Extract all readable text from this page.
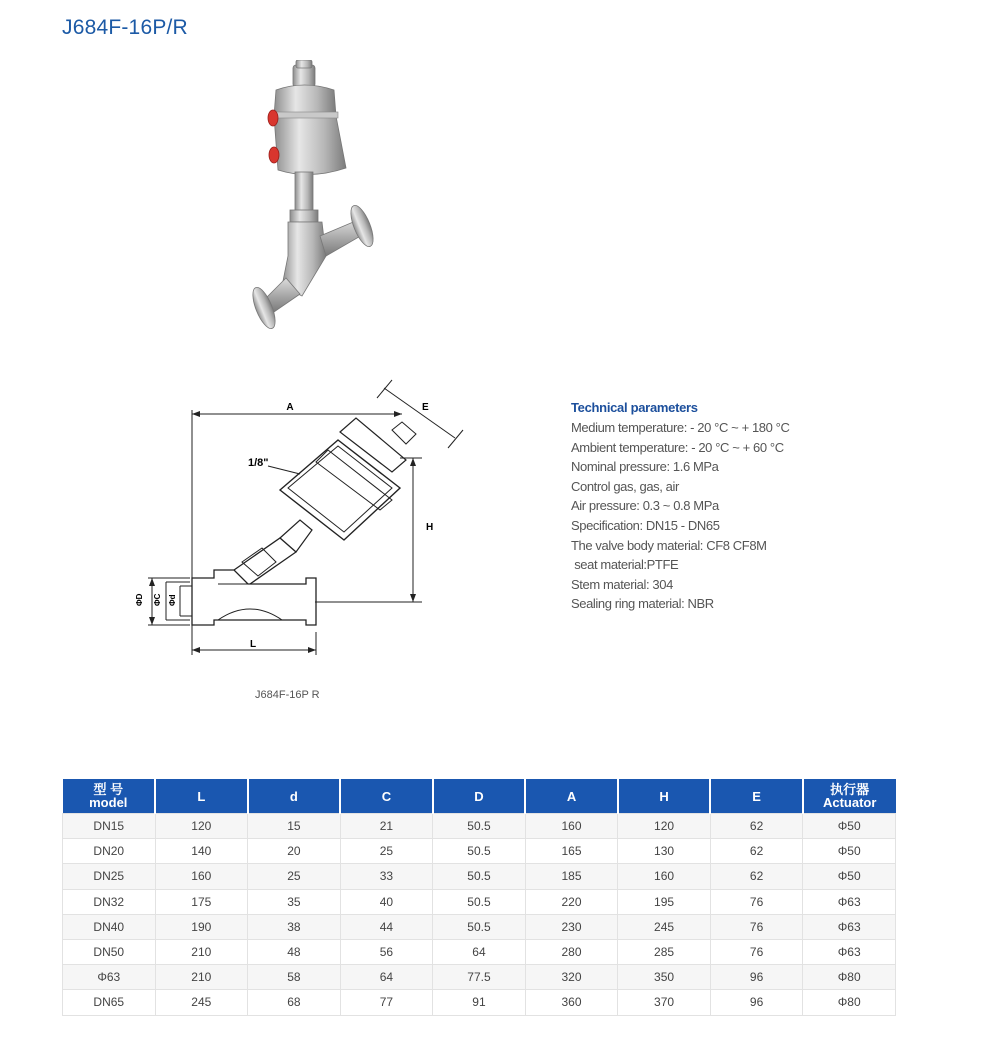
J684F-16P/R
A
H
E
L
1/8"
ΦD ΦC Φd
J684F-16P R
Technical parameters
Medium temperature: - 20 °C ~ + 180 °C
Ambient temperature: - 20 °C ~ + 60 °C
Nominal pressure: 1.6 MPa
Control gas, gas, air
Air pressure: 0.3 ~ 0.8 MPa
Specification: DN15 - DN65
The valve body material: CF8 CF8M
seat material:PTFE
Stem material: 304
Sealing ring material: NBR
型 号
model	L	d	C	D	A	H	E	执行器
Actuator

DN15	120	15	21	50.5	160	120	62	Φ50
DN20	140	20	25	50.5	165	130	62	Φ50
DN25	160	25	33	50.5	185	160	62	Φ50
DN32	175	35	40	50.5	220	195	76	Φ63
DN40	190	38	44	50.5	230	245	76	Φ63
DN50	210	48	56	64	280	285	76	Φ63
Φ63	210	58	64	77.5	320	350	96	Φ80
DN65	245	68	77	91	360	370	96	Φ80
